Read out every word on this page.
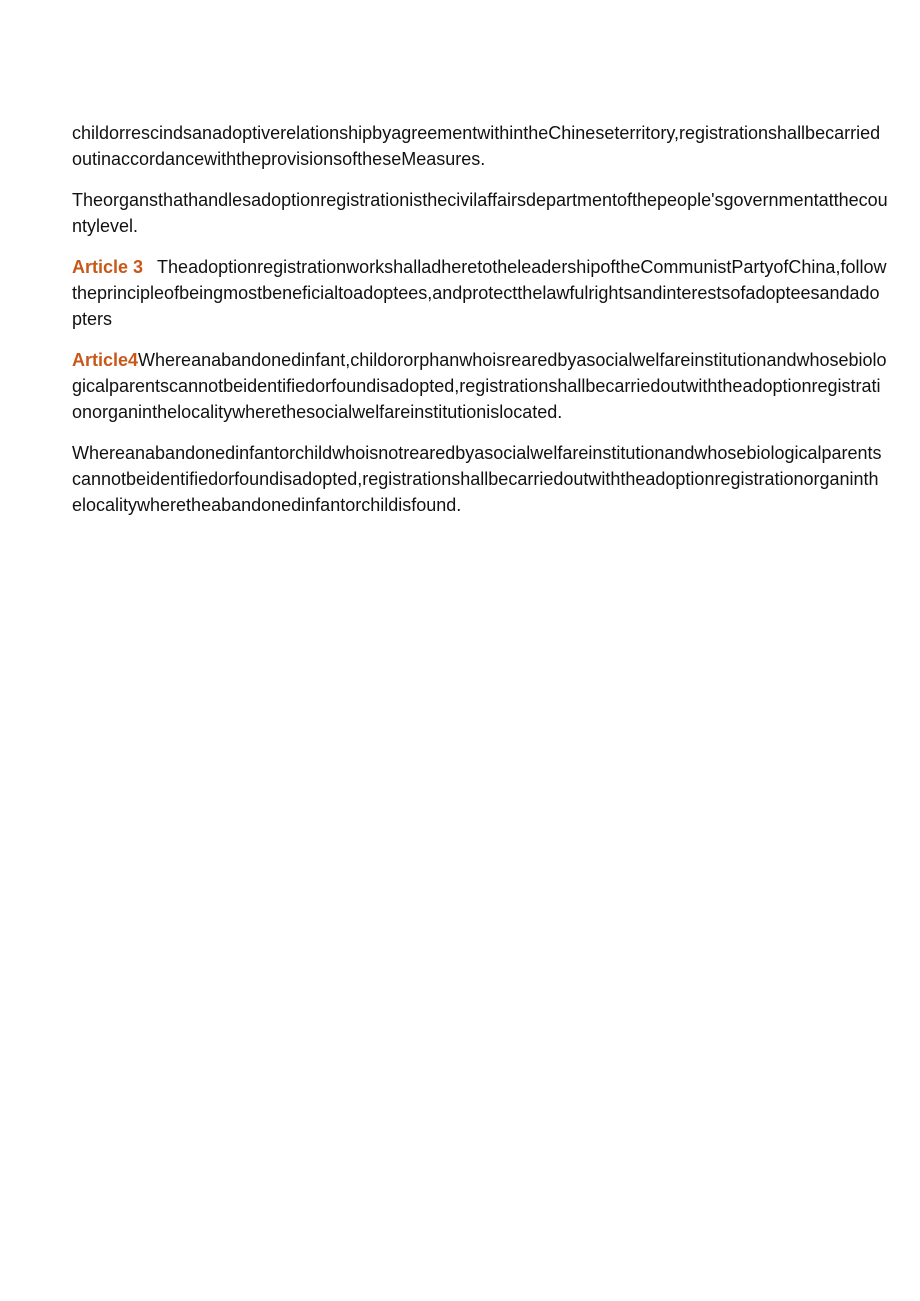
childorrescindsanadoptiverelationshipbyagreementwithintheChineseterritory,registrationshallbecarriedoutinaccordancewiththeprovisionsoftheseMeasures.

Theorgansthathandlesadoptionregistrationisthecivilaffairsdepartmentofthepeople'sgovernmentatthecountylevel.

Article 3 TheadoptionregistrationworkshalladheretotheleadershipoftheCommunistPartyofChina,followtheprincipleofbeingmostbeneficialtoadoptees,andprotectthelawfulrightsandinterestsofadopteesandadopters

Article4Whereanabandonedinfant,childororphanwhoisrearedbyasocialwelfareinstitutionandwhosebiologicalparentscannotbeidentifiedorfoundisadopted,registrationshallbecarriedoutwiththeadoptionregistrationorganinthelocalitywherethesocialwelfareinstitutionislocated.

Whereanabandonedinfantorchildwhoisnotrearedbyasocialwelfareinstitutionandwhosebiologicalparentscannotbeidentifiedorfoundisadopted,registrationshallbecarriedoutwiththeadoptionregistrationorganinthelocalitywheretheabandonedinfantorchildisfound.
